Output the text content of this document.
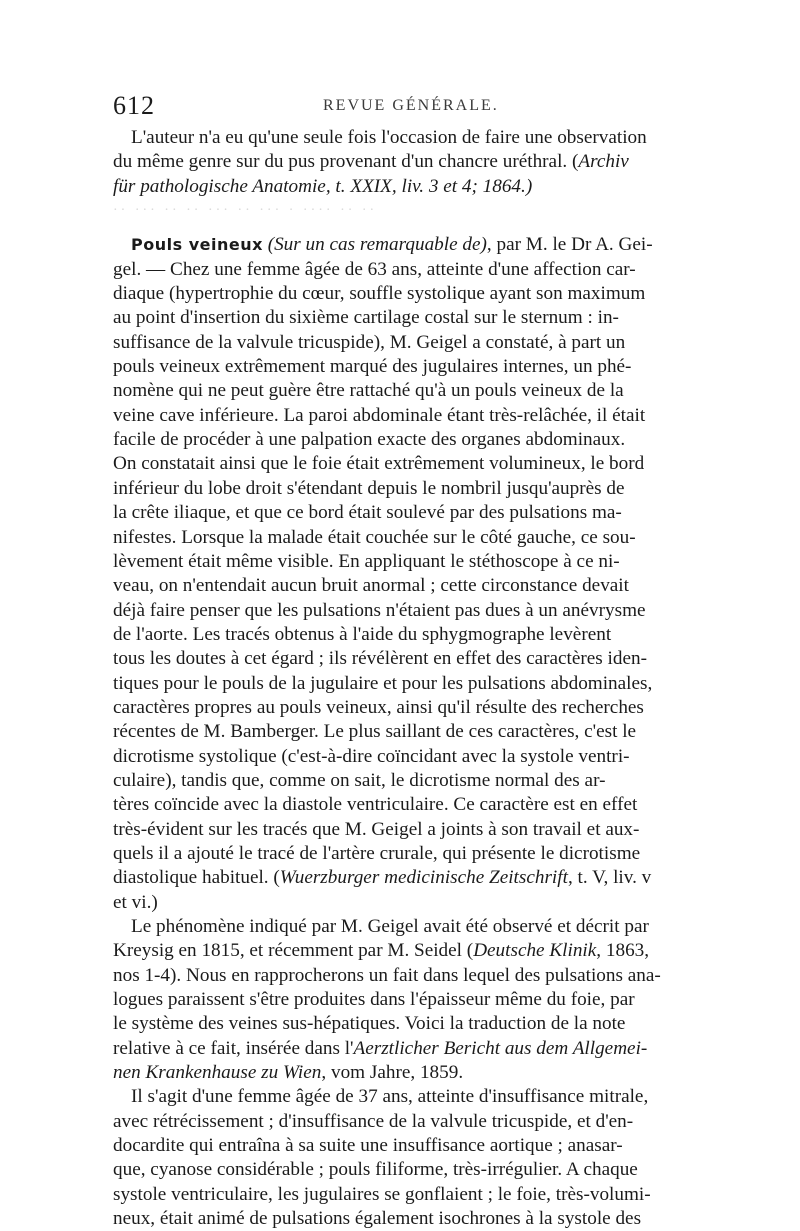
612	REVUE GÉNÉRALE.
L'auteur n'a eu qu'une seule fois l'occasion de faire une observation
du même genre sur du pus provenant d'un chancre uréthral. (Archiv
für pathologische Anatomie, t. XXIX, liv. 3 et 4; 1864.)
·· ··· ·· ·· ··· ·· ··· · ···· ·· ··
Pouls veineux (Sur un cas remarquable de), par M. le Dr A. Gei-
gel. — Chez une femme âgée de 63 ans, atteinte d'une affection car-
diaque (hypertrophie du cœur, souffle systolique ayant son maximum
au point d'insertion du sixième cartilage costal sur le sternum : in-
suffisance de la valvule tricuspide), M. Geigel a constaté, à part un
pouls veineux extrêmement marqué des jugulaires internes, un phé-
nomène qui ne peut guère être rattaché qu'à un pouls veineux de la
veine cave inférieure. La paroi abdominale étant très-relâchée, il était
facile de procéder à une palpation exacte des organes abdominaux.
On constatait ainsi que le foie était extrêmement volumineux, le bord
inférieur du lobe droit s'étendant depuis le nombril jusqu'auprès de
la crête iliaque, et que ce bord était soulevé par des pulsations ma-
nifestes. Lorsque la malade était couchée sur le côté gauche, ce sou-
lèvement était même visible. En appliquant le stéthoscope à ce ni-
veau, on n'entendait aucun bruit anormal ; cette circonstance devait
déjà faire penser que les pulsations n'étaient pas dues à un anévrysme
de l'aorte. Les tracés obtenus à l'aide du sphygmographe levèrent
tous les doutes à cet égard ; ils révélèrent en effet des caractères iden-
tiques pour le pouls de la jugulaire et pour les pulsations abdominales,
caractères propres au pouls veineux, ainsi qu'il résulte des recherches
récentes de M. Bamberger. Le plus saillant de ces caractères, c'est le
dicrotisme systolique (c'est-à-dire coïncidant avec la systole ventri-
culaire), tandis que, comme on sait, le dicrotisme normal des ar-
tères coïncide avec la diastole ventriculaire. Ce caractère est en effet
très-évident sur les tracés que M. Geigel a joints à son travail et aux-
quels il a ajouté le tracé de l'artère crurale, qui présente le dicrotisme
diastolique habituel. (Wuerzburger medicinische Zeitschrift, t. V, liv. v
et vi.)
Le phénomène indiqué par M. Geigel avait été observé et décrit par
Kreysig en 1815, et récemment par M. Seidel (Deutsche Klinik, 1863,
nos 1-4). Nous en rapprocherons un fait dans lequel des pulsations ana-
logues paraissent s'être produites dans l'épaisseur même du foie, par
le système des veines sus-hépatiques. Voici la traduction de la note
relative à ce fait, insérée dans l'Aerztlicher Bericht aus dem Allgemei-
nen Krankenhause zu Wien, vom Jahre, 1859.
Il s'agit d'une femme âgée de 37 ans, atteinte d'insuffisance mitrale,
avec rétrécissement ; d'insuffisance de la valvule tricuspide, et d'en-
docardite qui entraîna à sa suite une insuffisance aortique ; anasar-
que, cyanose considérable ; pouls filiforme, très-irrégulier. A chaque
systole ventriculaire, les jugulaires se gonflaient ; le foie, très-volumi-
neux, était animé de pulsations également isochrones à la systole des
